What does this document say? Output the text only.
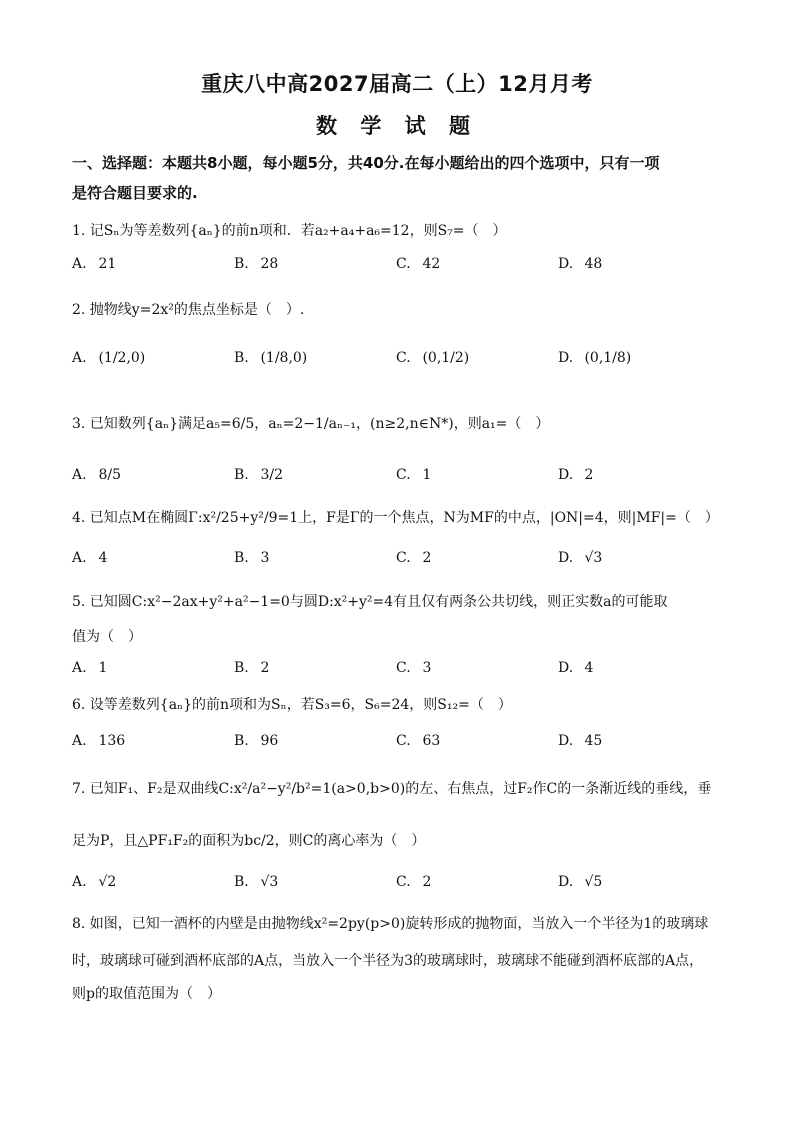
重庆八中高2027届高二（上）12月月考
数 学 试 题
一、选择题：本题共8小题，每小题5分，共40分.在每小题给出的四个选项中，只有一项
是符合题目要求的.
1. 记Sₙ为等差数列{aₙ}的前n项和．若a₂+a₄+a₆=12，则S₇=（　）
A. 21	B. 28	C. 42	D. 48
2. 抛物线y=2x²的焦点坐标是（　）.
A. (1/2,0)	B. (1/8,0)	C. (0,1/2)	D. (0,1/8)
3. 已知数列{aₙ}满足a₅=6/5，aₙ=2−1/aₙ₋₁，(n≥2,n∈N*)，则a₁=（　）
A. 8/5	B. 3/2	C. 1	D. 2
4. 已知点M在椭圆Γ:x²/25+y²/9=1上，F是Γ的一个焦点，N为MF的中点，|ON|=4，则|MF|=（　）
A. 4	B. 3	C. 2	D. √3
5. 已知圆C:x²−2ax+y²+a²−1=0与圆D:x²+y²=4有且仅有两条公共切线，则正实数a的可能取
值为（　）
A. 1	B. 2	C. 3	D. 4
6. 设等差数列{aₙ}的前n项和为Sₙ，若S₃=6，S₆=24，则S₁₂=（　）
A. 136	B. 96	C. 63	D. 45
7. 已知F₁、F₂是双曲线C:x²/a²−y²/b²=1(a>0,b>0)的左、右焦点，过F₂作C的一条渐近线的垂线，垂
足为P，且△PF₁F₂的面积为bc/2，则C的离心率为（　）
A. √2	B. √3	C. 2	D. √5
8. 如图，已知一酒杯的内壁是由抛物线x²=2py(p>0)旋转形成的抛物面，当放入一个半径为1的玻璃球
时，玻璃球可碰到酒杯底部的A点，当放入一个半径为3的玻璃球时，玻璃球不能碰到酒杯底部的A点，
则p的取值范围为（　）
